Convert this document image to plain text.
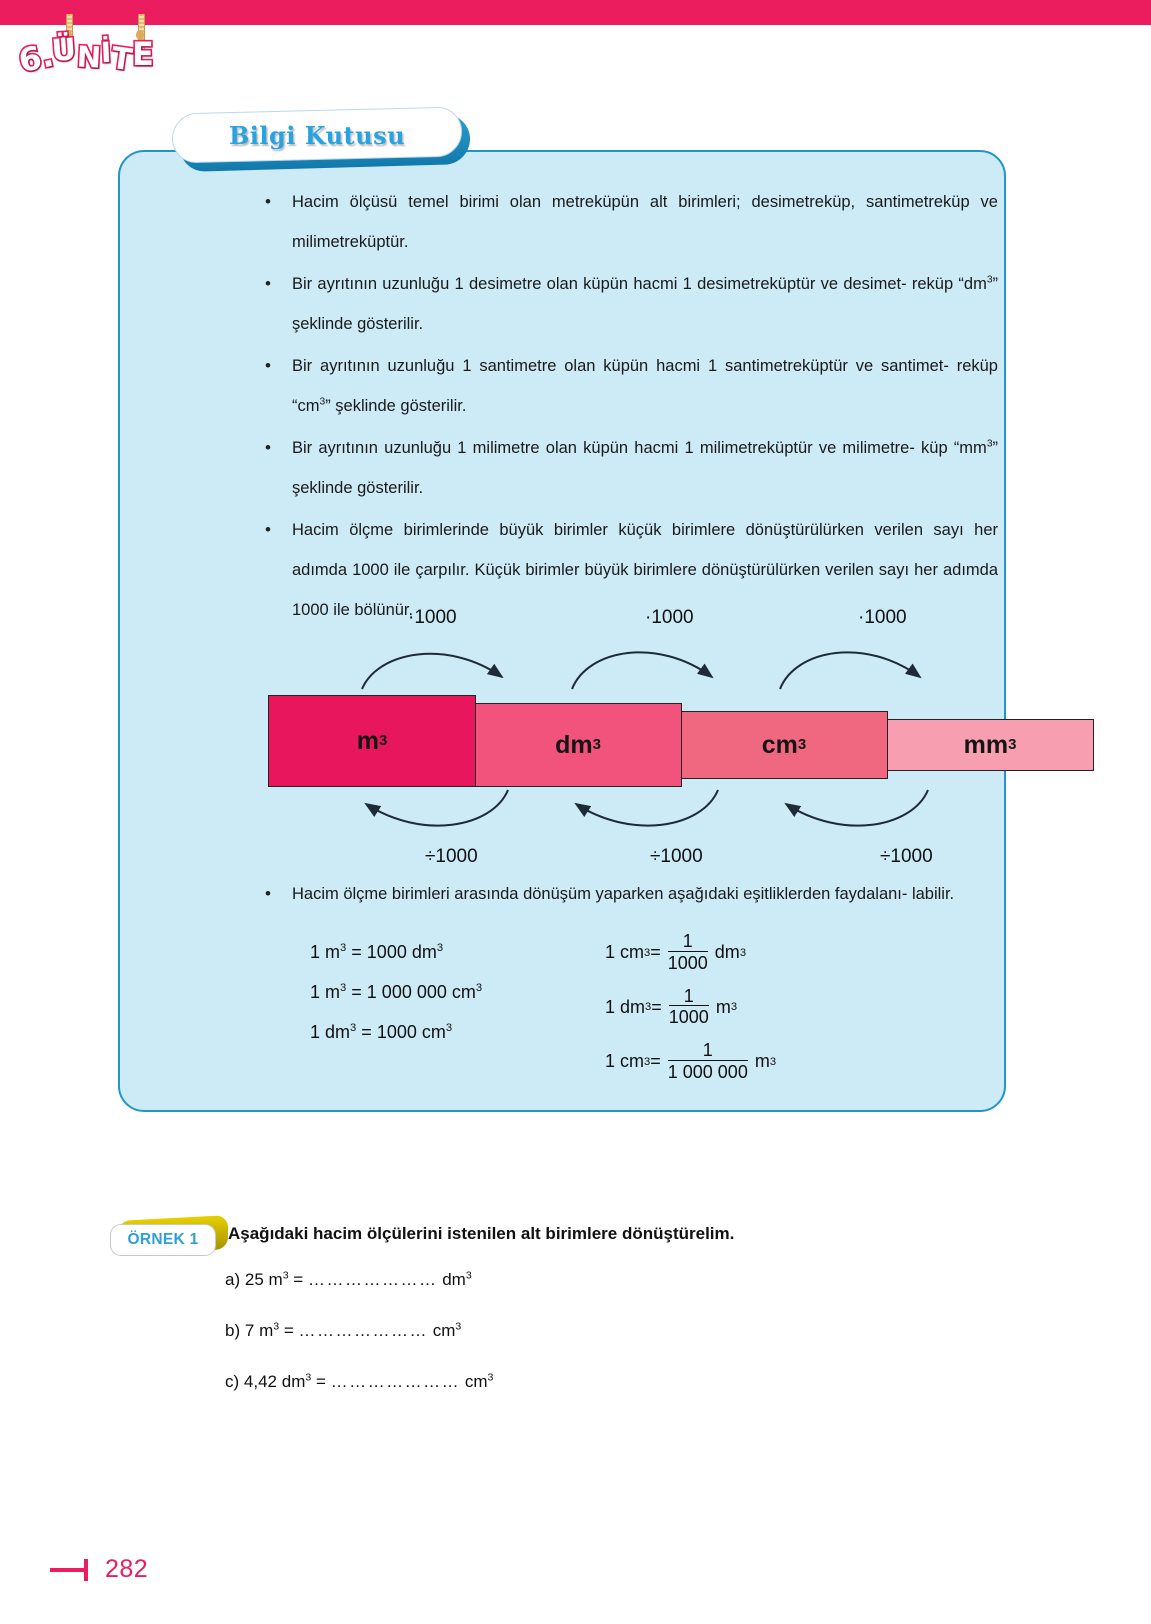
6.
Ü
N
İ
T
E
•	Hacim ölçüsü temel birimi olan metreküpün alt birimleri; desimetreküp, santimetreküp ve milimetreküptür.
•	Bir ayrıtının uzunluğu 1 desimetre olan küpün hacmi 1 desimetreküptür ve desimet- reküp “$dm^3$” şeklinde gösterilir.
•	Bir ayrıtının uzunluğu 1 santimetre olan küpün hacmi 1 santimetreküptür ve santimet- reküp “$cm^3$” şeklinde gösterilir.
•	Bir ayrıtının uzunluğu 1 milimetre olan küpün hacmi 1 milimetreküptür ve milimetre- küp “$mm^3$” şeklinde gösterilir.
•	Hacim ölçme birimlerinde büyük birimler küçük birimlere dönüştürülürken verilen sayı her adımda 1000 ile çarpılır. Küçük birimler büyük birimlere dönüştürülürken verilen sayı her adımda 1000 ile bölünür.
·1000	·1000	·1000
m 3	dm 3	cm 3	mm 3
÷1000	÷1000	÷1000
•	Hacim ölçme birimleri arasında dönüşüm yaparken aşağıdaki eşitliklerden faydalanı- labilir.
1 $m^3 = 1000$ $dm^3$
1 $m^3 = 1$ 000 000 $cm^3$
1 $dm^3 = 1000$ $cm^3$
1 cm $3 = \frac{1}{1000}$ dm 3
1 dm $3 = \frac{1}{1000}$ m 3
1 cm $3 = \frac{1}{1 000 000}$ m 3
Bilgi Kutusu
ÖRNEK 1 Aşağıdaki hacim ölçülerini istenilen alt birimlere dönüştürelim.
a) 25 $m^3$ = ………………… $dm^3$
b) 7 $m^3$ = ………………… $cm^3$
c) 4,42 $dm^3$ = ………………… $cm^3$
282
